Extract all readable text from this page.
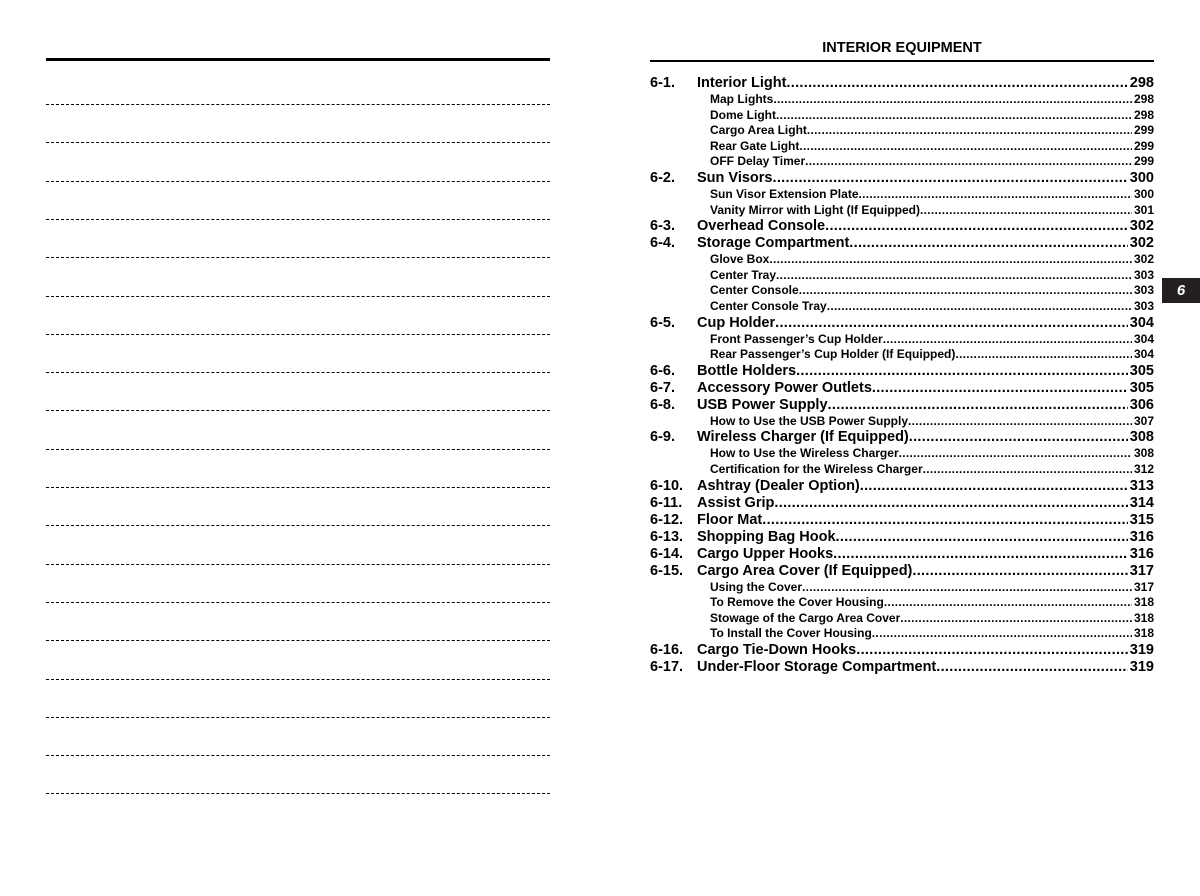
INTERIOR EQUIPMENT
6-1.	Interior Light .....	298
Map Lights .....	298
Dome Light .....	298
Cargo Area Light .....	299
Rear Gate Light .....	299
OFF Delay Timer .....	299
6-2.	Sun Visors .....	300
Sun Visor Extension Plate .....	300
Vanity Mirror with Light (If Equipped) .....	301
6-3.	Overhead Console .....	302
6-4.	Storage Compartment .....	302
Glove Box .....	302
Center Tray .....	303
Center Console .....	303
Center Console Tray .....	303
6-5.	Cup Holder .....	304
Front Passenger’s Cup Holder .....	304
Rear Passenger’s Cup Holder (If Equipped) .....	304
6-6.	Bottle Holders .....	305
6-7.	Accessory Power Outlets .....	305
6-8.	USB Power Supply .....	306
How to Use the USB Power Supply .....	307
6-9.	Wireless Charger (If Equipped) .....	308
How to Use the Wireless Charger .....	308
Certification for the Wireless Charger .....	312
6-10. Ashtray (Dealer Option) .....	313
6-11.	Assist Grip .....	314
6-12. Floor Mat .....	315
6-13. Shopping Bag Hook .....	316
6-14. Cargo Upper Hooks .....	316
6-15. Cargo Area Cover (If Equipped) .....	317
Using the Cover .....	317
To Remove the Cover Housing .....	318
Stowage of the Cargo Area Cover .....	318
To Install the Cover Housing .....	318
6-16. Cargo Tie-Down Hooks .....	319
6-17. Under-Floor Storage Compartment .....	319
6
